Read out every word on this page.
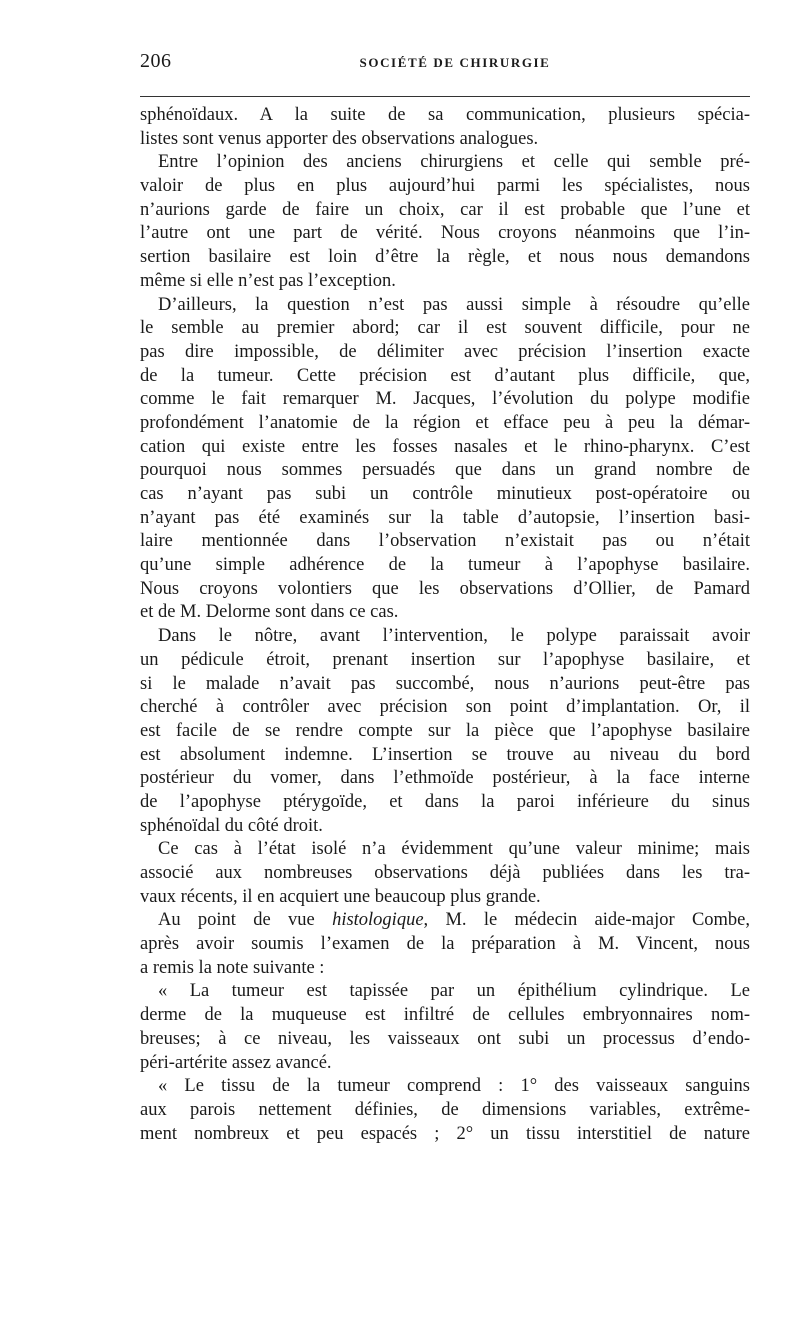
206	SOCIÉTÉ DE CHIRURGIE
sphénoïdaux. A la suite de sa communication, plusieurs spécia-
listes sont venus apporter des observations analogues.
Entre l’opinion des anciens chirurgiens et celle qui semble pré-
valoir de plus en plus aujourd’hui parmi les spécialistes, nous
n’aurions garde de faire un choix, car il est probable que l’une et
l’autre ont une part de vérité. Nous croyons néanmoins que l’in-
sertion basilaire est loin d’être la règle, et nous nous demandons
même si elle n’est pas l’exception.
D’ailleurs, la question n’est pas aussi simple à résoudre qu’elle
le semble au premier abord; car il est souvent difficile, pour ne
pas dire impossible, de délimiter avec précision l’insertion exacte
de la tumeur. Cette précision est d’autant plus difficile, que,
comme le fait remarquer M. Jacques, l’évolution du polype modifie
profondément l’anatomie de la région et efface peu à peu la démar-
cation qui existe entre les fosses nasales et le rhino-pharynx. C’est
pourquoi nous sommes persuadés que dans un grand nombre de
cas n’ayant pas subi un contrôle minutieux post-opératoire ou
n’ayant pas été examinés sur la table d’autopsie, l’insertion basi-
laire mentionnée dans l’observation n’existait pas ou n’était
qu’une simple adhérence de la tumeur à l’apophyse basilaire.
Nous croyons volontiers que les observations d’Ollier, de Pamard
et de M. Delorme sont dans ce cas.
Dans le nôtre, avant l’intervention, le polype paraissait avoir
un pédicule étroit, prenant insertion sur l’apophyse basilaire, et
si le malade n’avait pas succombé, nous n’aurions peut-être pas
cherché à contrôler avec précision son point d’implantation. Or, il
est facile de se rendre compte sur la pièce que l’apophyse basilaire
est absolument indemne. L’insertion se trouve au niveau du bord
postérieur du vomer, dans l’ethmoïde postérieur, à la face interne
de l’apophyse ptérygoïde, et dans la paroi inférieure du sinus
sphénoïdal du côté droit.
Ce cas à l’état isolé n’a évidemment qu’une valeur minime; mais
associé aux nombreuses observations déjà publiées dans les tra-
vaux récents, il en acquiert une beaucoup plus grande.
Au point de vue histologique, M. le médecin aide-major Combe,
après avoir soumis l’examen de la préparation à M. Vincent, nous
a remis la note suivante :
« La tumeur est tapissée par un épithélium cylindrique. Le
derme de la muqueuse est infiltré de cellules embryonnaires nom-
breuses; à ce niveau, les vaisseaux ont subi un processus d’endo-
péri-artérite assez avancé.
« Le tissu de la tumeur comprend : 1° des vaisseaux sanguins
aux parois nettement définies, de dimensions variables, extrême-
ment nombreux et peu espacés ; 2° un tissu interstitiel de nature
